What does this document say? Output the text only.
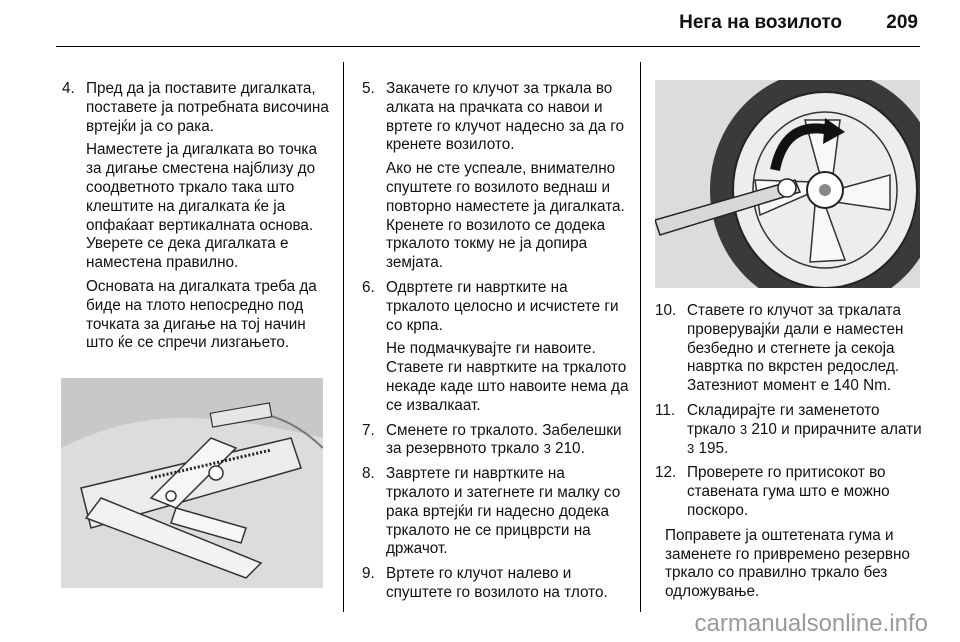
Нега на возилото 209
4. Пред да ја поставите дигалката, поставете ја потребната височина вртејќи ја со рака.
Наместете ја дигалката во точка за дигање сместена најблизу до соодветното тркало така што клештите на дигалката ќе ја опфаќаат вертикалната основа. Уверете се дека дигалката е наместена правилно.
Основата на дигалката треба да биде на тлото непосредно под точката за дигање на тој начин што ќе се спречи лизгањето.
5. Закачете го клучот за тркала во алката на прачката со навои и вртете го клучот надесно за да го кренете возилото.
Ако не сте успеале, внимателно спуштете го возилото веднаш и повторно наместете ја дигалката. Кренете го возилото се додека тркалото токму не ја допира земјата.
6. Одвртете ги навртките на тркалото целосно и исчистете ги со крпа.
Не подмачкувајте ги навоите. Ставете ги навртките на тркалото некаде каде што навоите нема да се извалкаат.
7. Сменете го тркалото. Забелешки за резервното тркало 3 210.
8. Завртете ги навртките на тркалото и затегнете ги малку со рака вртејќи ги надесно додека тркалото не се прицврсти на држачот.
9. Вртете го клучот налево и спуштете го возилото на тлото.
10. Ставете го клучот за тркалата проверувајќи дали е наместен безбедно и стегнете ја секоја навртка по вкрстен редослед. Затезниот момент е 140 Nm.
11. Складирајте ги заменетото тркало 3 210 и прирачните алати 3 195.
12. Проверете го притисокот во ставената гума што е можно поскоро.
Поправете ја оштетената гума и заменете го привремено резервно тркало со правилно тркало без одложување.
carmanualsonline.info
